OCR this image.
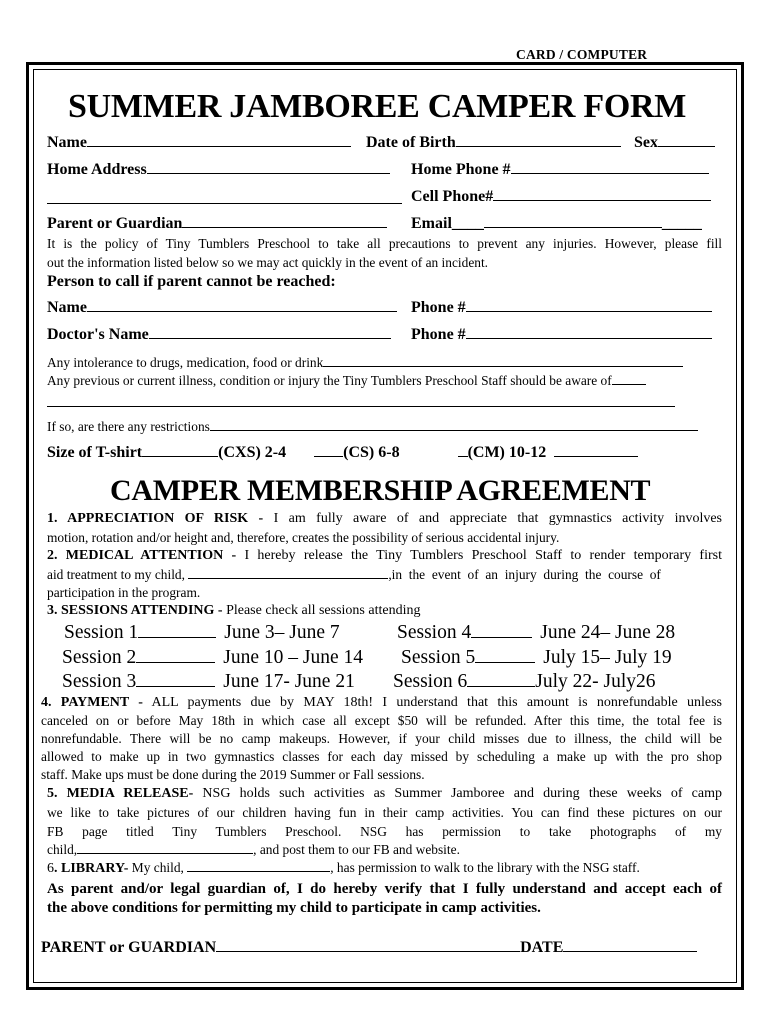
CARD / COMPUTER
SUMMER JAMBOREE CAMPER FORM
Name	Date of Birth	Sex
Home Address	Home Phone #
Cell Phone#
Parent or Guardian	Email____	_____
It is the policy of Tiny Tumblers Preschool to take all precautions to prevent any injuries. However, please fill
out the information listed below so we may act quickly in the event of an incident.
Person to call if parent cannot be reached:
Name	Phone #
Doctor's Name	Phone #
Any intolerance to drugs, medication, food or drink
Any previous or current illness, condition or injury the Tiny Tumblers Preschool Staff should be aware of
If so, are there any restrictions
Size of T-shirt	(CXS) 2-4	(CS) 6-8	(CM) 10-12
CAMPER MEMBERSHIP AGREEMENT
1. APPRECIATION OF RISK - I am fully aware of and appreciate that gymnastics activity involves
motion, rotation and/or height and, therefore, creates the possibility of serious accidental injury.
2. MEDICAL ATTENTION - I hereby release the Tiny Tumblers Preschool Staff to render temporary first
aid treatment to my child,	,in  the  event  of  an  injury  during  the  course  of
participation in the program.
3. SESSIONS ATTENDING - Please check all sessions attending
Session 1	June 3– June 7
Session 2	June 10 – June 14
Session 3	June 17- June 21
Session 4	June 24– June 28
Session 5	July 15– July 19
Session 6	July 22- July26
4. PAYMENT - ALL payments due by MAY 18th! I understand that this amount is nonrefundable unless
canceled on or before May 18th in which case all except $50 will be refunded. After this time, the total fee is
nonrefundable. There will be no camp makeups. However, if your child misses due to illness, the child will be
allowed to make up in two gymnastics classes for each day missed by scheduling a make up with the pro shop
staff. Make ups must be done during the 2019 Summer or Fall sessions.
5. MEDIA RELEASE- NSG holds such activities as Summer Jamboree and during these weeks of camp
we like to take pictures of our children having fun in their camp activities. You can find these pictures on our
FB page titled Tiny Tumblers Preschool. NSG has permission to take photographs of my
child,	, and post them to our FB and website.
6. LIBRARY- My child,	, has permission to walk to the library with the NSG staff.
As parent and/or legal guardian of, I do hereby verify that I fully understand and accept each of
the above conditions for permitting my child to participate in camp activities.
PARENT or GUARDIAN	DATE
